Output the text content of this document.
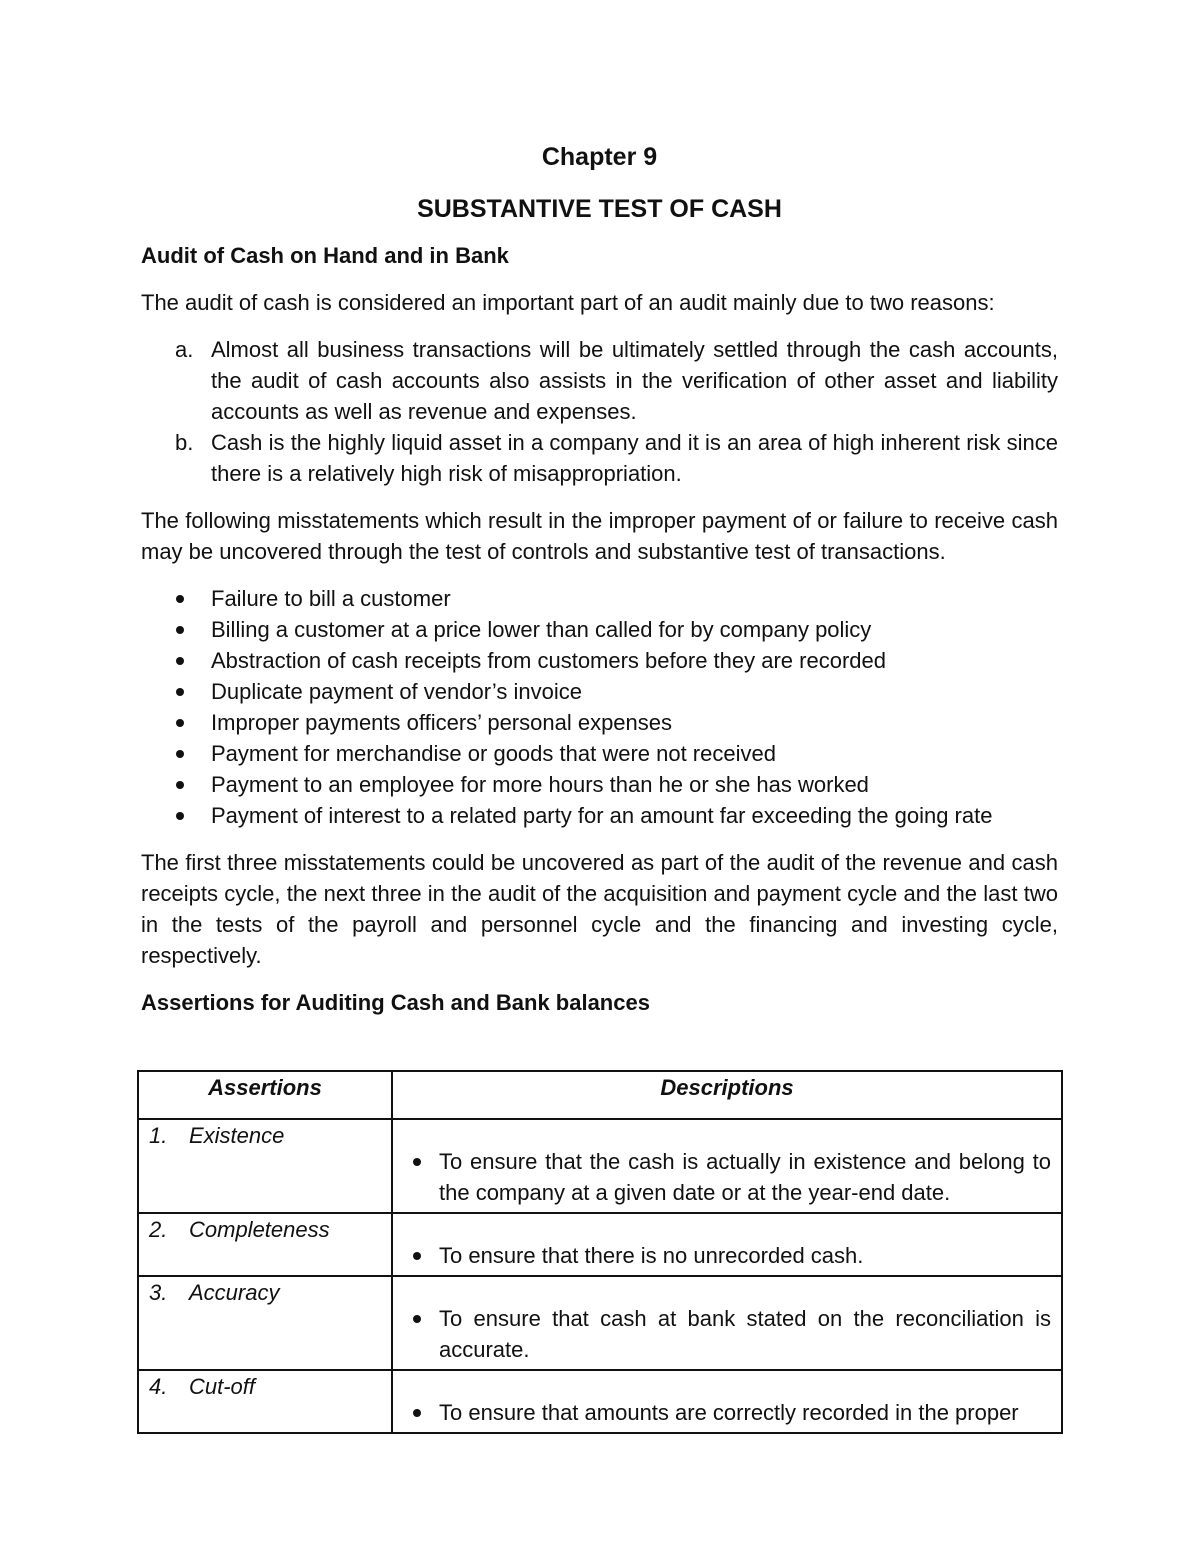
Chapter 9

SUBSTANTIVE TEST OF CASH

Audit of Cash on Hand and in Bank

The audit of cash is considered an important part of an audit mainly due to two reasons:

a. Almost all business transactions will be ultimately settled through the cash accounts, the audit of cash accounts also assists in the verification of other asset and liability accounts as well as revenue and expenses.
b. Cash is the highly liquid asset in a company and it is an area of high inherent risk since there is a relatively high risk of misappropriation.

The following misstatements which result in the improper payment of or failure to receive cash may be uncovered through the test of controls and substantive test of transactions.

Failure to bill a customer
Billing a customer at a price lower than called for by company policy
Abstraction of cash receipts from customers before they are recorded
Duplicate payment of vendor’s invoice
Improper payments officers’ personal expenses
Payment for merchandise or goods that were not received
Payment to an employee for more hours than he or she has worked
Payment of interest to a related party for an amount far exceeding the going rate

The first three misstatements could be uncovered as part of the audit of the revenue and cash receipts cycle, the next three in the audit of the acquisition and payment cycle and the last two in the tests of the payroll and personnel cycle and the financing and investing cycle, respectively.

Assertions for Auditing Cash and Bank balances

Assertions	Descriptions
1. Existence	To ensure that the cash is actually in existence and belong to the company at a given date or at the year-end date.

2. Completeness	To ensure that there is no unrecorded cash.

3. Accuracy	To ensure that cash at bank stated on the reconciliation is accurate.

4. Cut-off	To ensure that amounts are correctly recorded in the proper
